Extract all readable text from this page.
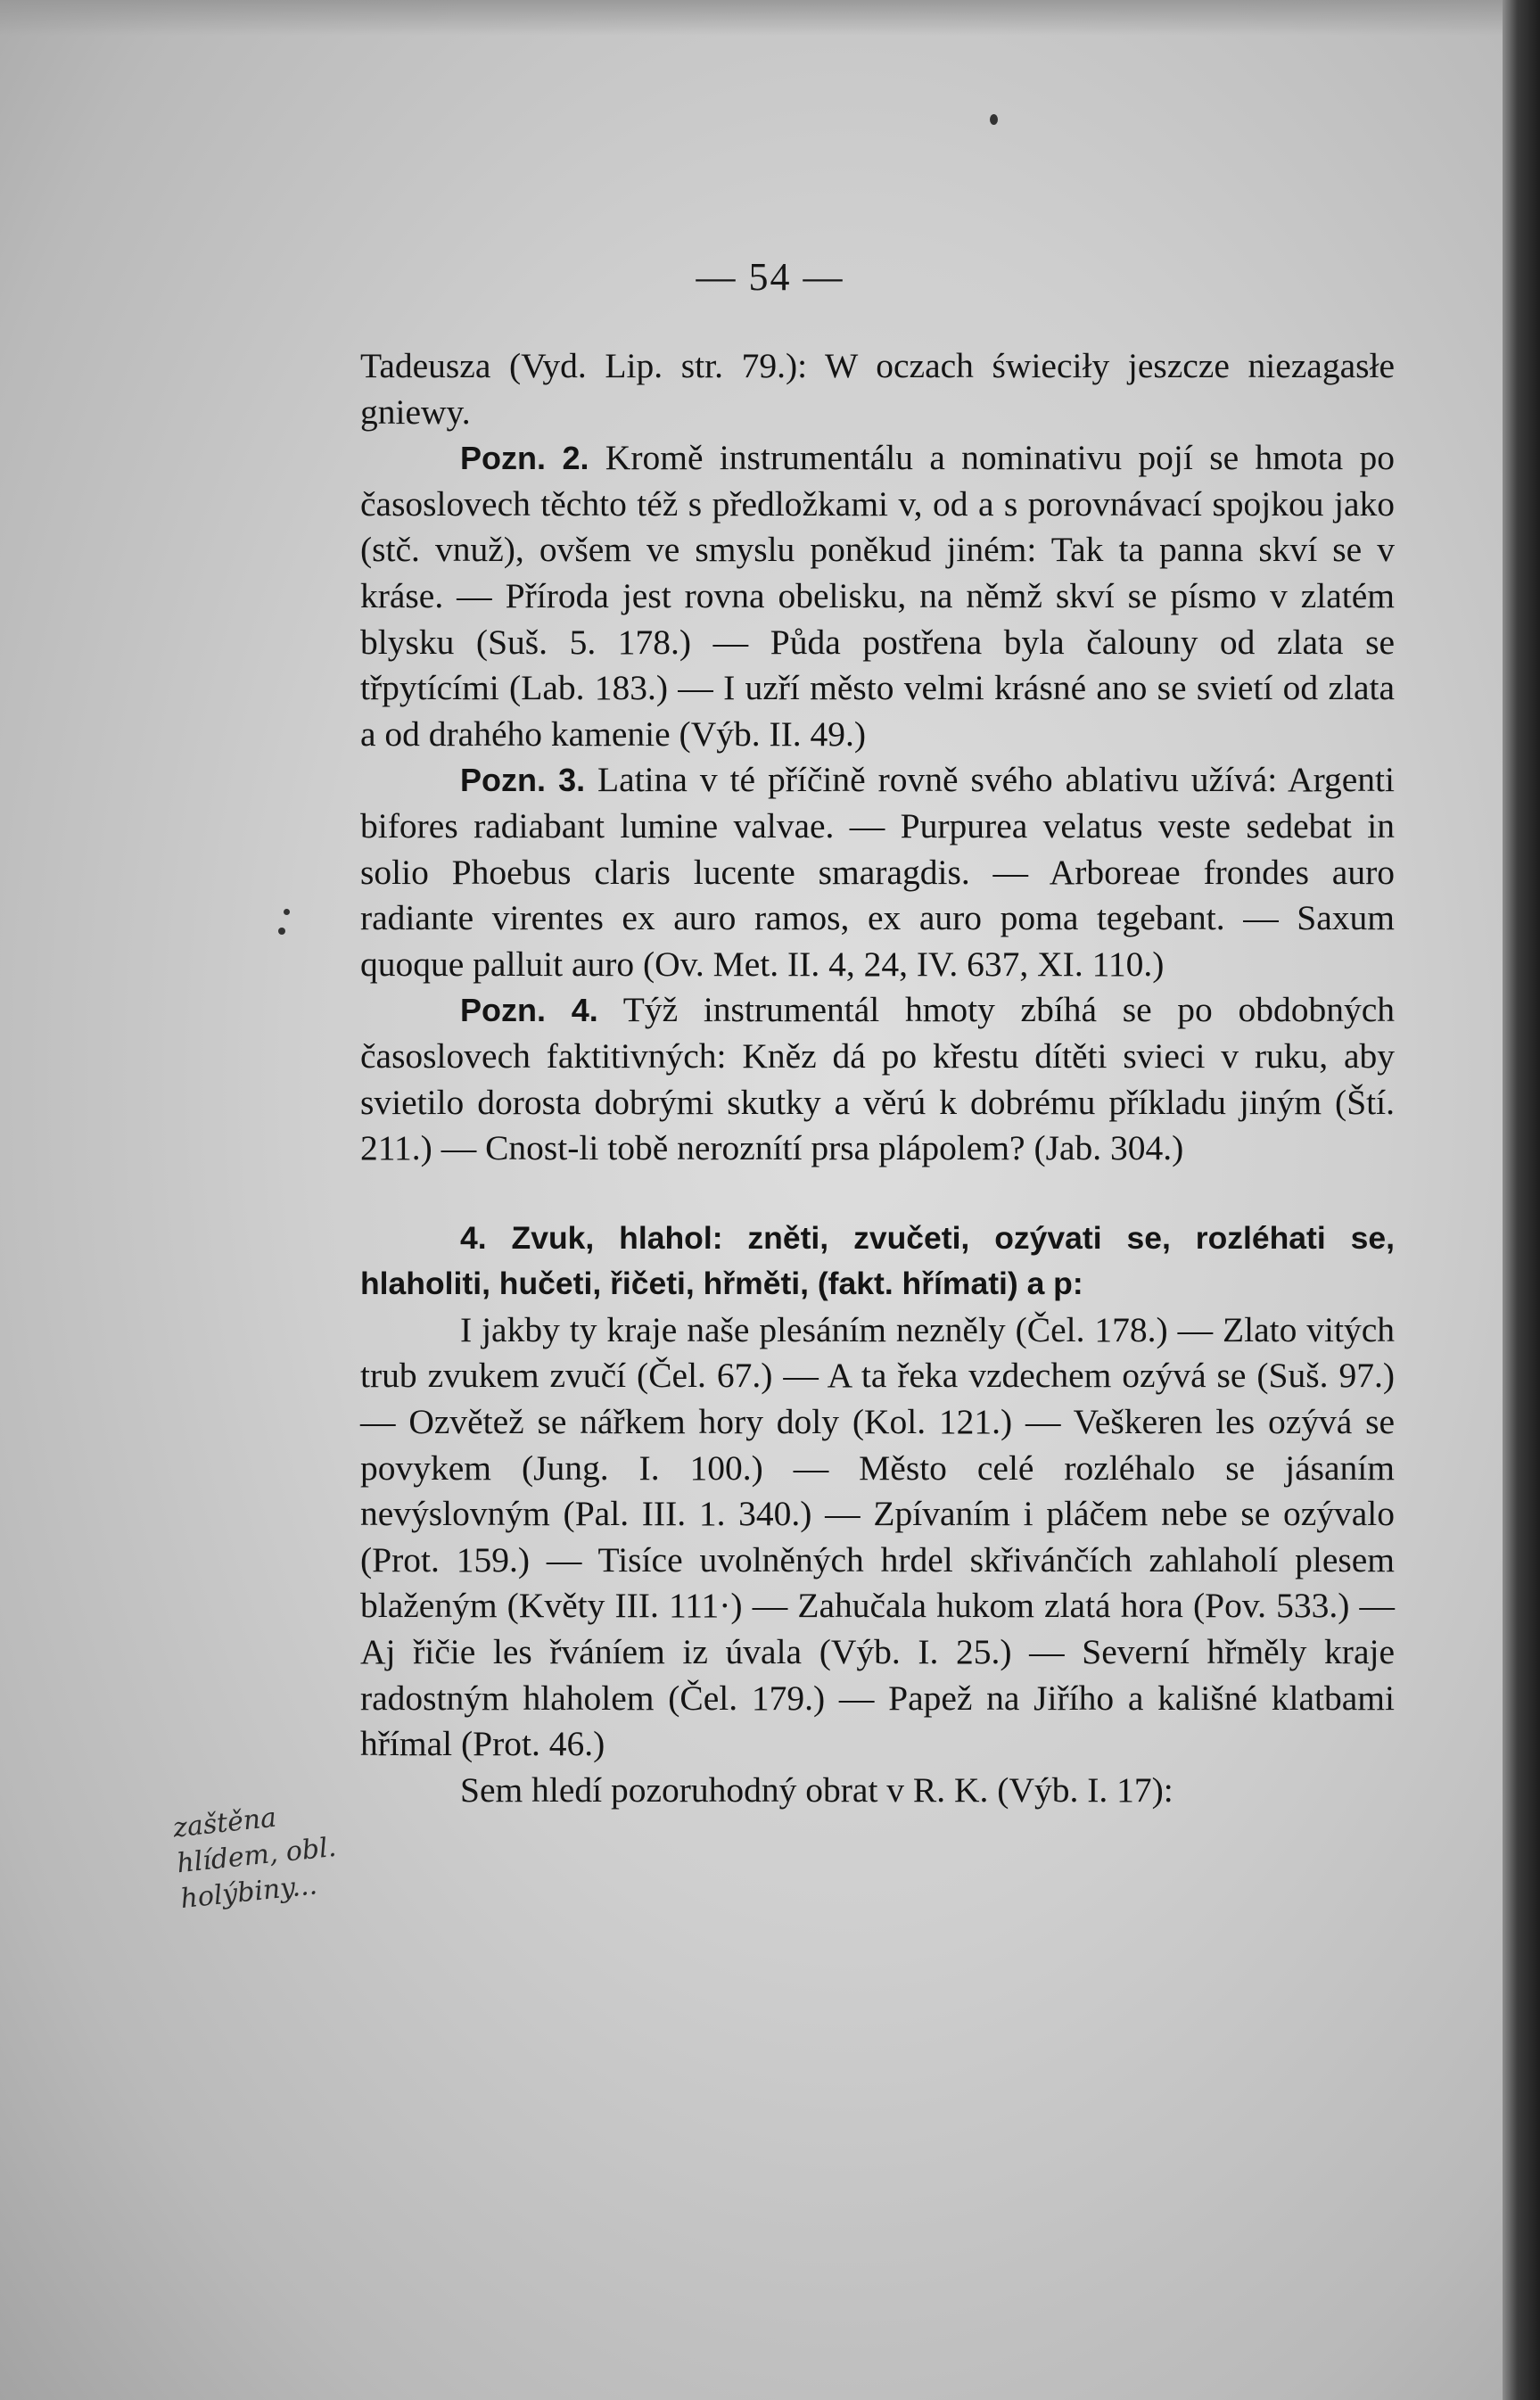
— 54 —

Tadeusza (Vyd. Lip. str. 79.): W oczach świeciły jeszcze niezagasłe gniewy.

Pozn. 2. Kromě instrumentálu a nominativu pojí se hmota po časoslovech těchto též s předložkami v, od a s porovnávací spojkou jako (stč. vnuž), ovšem ve smyslu poněkud jiném: Tak ta panna skví se v kráse. — Příroda jest rovna obelisku, na němž skví se písmo v zlatém blysku (Suš. 5. 178.) — Půda postřena byla čalouny od zlata se třpytícími (Lab. 183.) — I uzří město velmi krásné ano se svietí od zlata a od drahého kamenie (Výb. II. 49.)

Pozn. 3. Latina v té příčině rovně svého ablativu užívá: Argenti bifores radiabant lumine valvae. — Purpurea velatus veste sedebat in solio Phoebus claris lucente smaragdis. — Arboreae frondes auro radiante virentes ex auro ramos, ex auro poma tegebant. — Saxum quoque palluit auro (Ov. Met. II. 4, 24, IV. 637, XI. 110.)

Pozn. 4. Týž instrumentál hmoty zbíhá se po obdobných časoslovech faktitivných: Kněz dá po křestu dítěti svieci v ruku, aby svietilo dorosta dobrými skutky a věrú k dobrému příkladu jiným (Ští. 211.) — Cnost-li tobě neroznítí prsa plápolem? (Jab. 304.)

4. Zvuk, hlahol: zněti, zvučeti, ozývati se, rozléhati se, hlaholiti, hučeti, řičeti, hřměti, (fakt. hřímati) a p:

I jakby ty kraje naše plesáním nezněly (Čel. 178.) — Zlato vitých trub zvukem zvučí (Čel. 67.) — A ta řeka vzdechem ozývá se (Suš. 97.) — Ozvětež se nářkem hory doly (Kol. 121.) — Veškeren les ozývá se povykem (Jung. I. 100.) — Město celé rozléhalo se jásaním nevýslovným (Pal. III. 1. 340.) — Zpívaním i pláčem nebe se ozývalo (Prot. 159.) — Tisíce uvolněných hrdel skřivánčích zahlaholí plesem blaženým (Květy III. 111·) — Zahučala hukom zlatá hora (Pov. 533.) — Aj řičie les řváníem iz úvala (Výb. I. 25.) — Severní hřměly kraje radostným hlaholem (Čel. 179.) — Papež na Jiřího a kališné klatbami hřímal (Prot. 46.)

Sem hledí pozoruhodný obrat v R. K. (Výb. I. 17):

zaštěna hlídem, obl. holýbiny...
